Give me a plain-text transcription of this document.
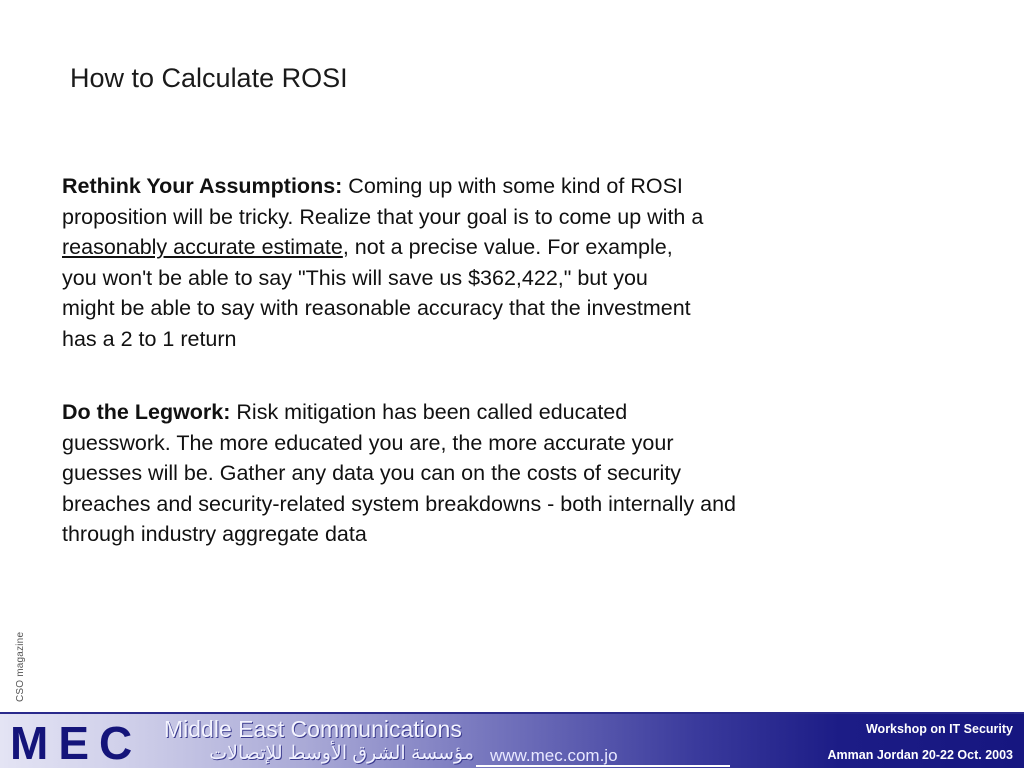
How to Calculate ROSI
Rethink Your Assumptions: Coming up with some kind of ROSI
proposition will be tricky. Realize that your goal is to come up with a
reasonably accurate estimate, not a precise value. For example,
you won't be able to say "This will save us $362,422," but you
might be able to say with reasonable accuracy that the investment
has a 2 to 1 return
Do the Legwork: Risk mitigation has been called educated
guesswork. The more educated you are, the more accurate your
guesses will be. Gather any data you can on the costs of security
breaches and security-related system breakdowns - both internally and
through industry aggregate data
CSO magazine
MEC Middle East Communications
مؤسسة الشرق الأوسط للإتصالات www.mec.com.jo
Workshop on IT Security
Amman Jordan 20-22 Oct. 2003
